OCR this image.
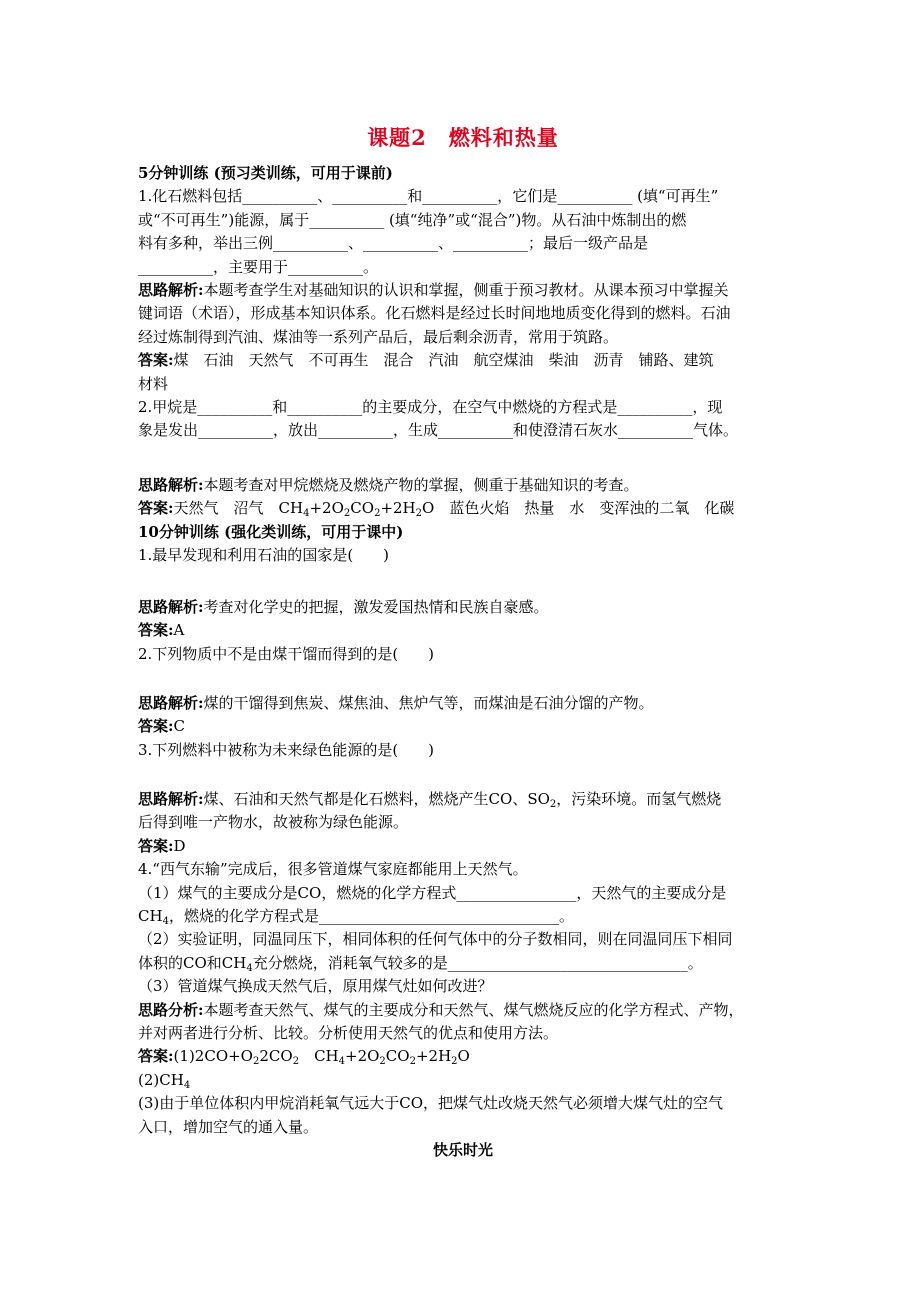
课题2　燃料和热量
5分钟训练 (预习类训练，可用于课前)
1.化石燃料包括__________、__________和__________，它们是__________ (填“可再生”
或“不可再生”)能源，属于__________ (填“纯净”或“混合”)物。从石油中炼制出的燃
料有多种，举出三例__________、__________、__________；最后一级产品是
__________，主要用于__________。
思路解析:本题考查学生对基础知识的认识和掌握，侧重于预习教材。从课本预习中掌握关
键词语（术语），形成基本知识体系。化石燃料是经过长时间地地质变化得到的燃料。石油
经过炼制得到汽油、煤油等一系列产品后，最后剩余沥青，常用于筑路。
答案:煤　石油　天然气　不可再生　混合　汽油　航空煤油　柴油　沥青　铺路、建筑
材料
2.甲烷是__________和__________的主要成分，在空气中燃烧的方程式是__________，现
象是发出__________，放出__________，生成__________和使澄清石灰水__________气体。
思路解析:本题考查对甲烷燃烧及燃烧产物的掌握，侧重于基础知识的考查。
答案:天然气　沼气　$CH_4+2O_2CO_2+2H_2O$　蓝色火焰　热量　水　变浑浊的二氧　化碳
10分钟训练 (强化类训练，可用于课中)
1.最早发现和利用石油的国家是(　　)
思路解析:考查对化学史的把握，激发爱国热情和民族自豪感。
答案:A
2.下列物质中不是由煤干馏而得到的是(　　)
思路解析:煤的干馏得到焦炭、煤焦油、焦炉气等，而煤油是石油分馏的产物。
答案:C
3.下列燃料中被称为未来绿色能源的是(　　)
思路解析:煤、石油和天然气都是化石燃料，燃烧产生CO、$SO_2$，污染环境。而氢气燃烧
后得到唯一产物水，故被称为绿色能源。
答案:D
4.“西气东输”完成后，很多管道煤气家庭都能用上天然气。
（1）煤气的主要成分是CO，燃烧的化学方程式________________，天然气的主要成分是
$CH_4$，燃烧的化学方程式是________________________________。
（2）实验证明，同温同压下，相同体积的任何气体中的分子数相同，则在同温同压下相同
体积的CO和$CH_4$充分燃烧，消耗氧气较多的是________________________________。
（3）管道煤气换成天然气后，原用煤气灶如何改进？
思路分析:本题考查天然气、煤气的主要成分和天然气、煤气燃烧反应的化学方程式、产物，
并对两者进行分析、比较。分析使用天然气的优点和使用方法。
答案$:(1)2CO+O_22CO_2$　$CH_4+2O_2CO_2+2H_2O$
$(2)CH_4$
(3)由于单位体积内甲烷消耗氧气远大于CO，把煤气灶改烧天然气必须增大煤气灶的空气
入口，增加空气的通入量。
快乐时光
